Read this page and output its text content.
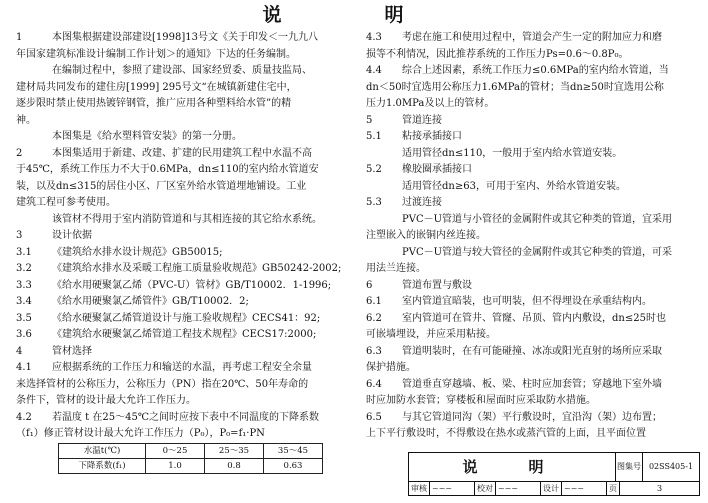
说　明
1	本图集根据建设部建设[1998]13号文《关于印发＜一九九八
年国家建筑标准设计编制工作计划＞的通知》下达的任务编制。
在编制过程中，参照了建设部、国家经贸委、质量技监局、
建材局共同发布的建住房[1999] 295号文“在城镇新建住宅中，
逐步限时禁止使用热镀锌钢管，推广应用各种塑料给水管”的精
神。
本图集是《给水塑料管安装》的第一分册。
2	本图集适用于新建、改建、扩建的民用建筑工程中水温不高
于45℃，系统工作压力不大于0.6MPa，dn≤110的室内给水管道安
装，以及dn≤315的居住小区、厂区室外给水管道埋地铺设。工业
建筑工程可参考使用。
该管材不得用于室内消防管道和与其相连接的其它给水系统。
3	设计依据
3.1	《建筑给水排水设计规范》GB50015;
3.2	《建筑给水排水及采暖工程施工质量验收规范》GB50242-2002;
3.3	《给水用硬聚氯乙烯（PVC-U）管材》GB/T10002．1-1996;
3.4	《给水用硬聚氯乙烯管件》GB/T10002．2;
3.5	《给水硬聚氯乙烯管道设计与施工验收规程》CECS41：92;
3.6	《建筑给水硬聚氯乙烯管道工程技术规程》CECS17:2000;
4	管材选择
4.1	应根据系统的工作压力和输送的水温，再考虑工程安全余量
来选择管材的公称压力，公称压力（PN）指在20℃、50年寿命的
条件下，管材的设计最大允许工作压力。
4.2	若温度 t 在25～45℃之间时应按下表中不同温度的下降系数
（f₁）修正管材设计最大允许工作压力（P₀），P₀=f₁·PN
水温t(℃)	0～25	25～35	35～45
下降系数(f₁)	1.0	0.8	0.63
4.3	考虑在施工和使用过程中，管道会产生一定的附加应力和磨
损等不利情况，因此推荐系统的工作压力Ps=0.6～0.8P₀。
4.4	综合上述因素，系统工作压力≤0.6MPa的室内给水管道，当
dn＜50时宜选用公称压力1.6MPa的管材；当dn≥50时宜选用公称
压力1.0MPa及以上的管材。
5	管道连接
5.1	粘接承插接口
适用管径dn≤110，一般用于室内给水管道安装。
5.2	橡胶圈承插接口
适用管径dn≥63，可用于室内、外给水管道安装。
5.3	过渡连接
PVC－U管道与小管径的金属附件或其它种类的管道，宜采用
注塑嵌入的嵌铜内丝连接。
PVC－U管道与较大管径的金属附件或其它种类的管道，可采
用法兰连接。
6	管道布置与敷设
6.1	室内管道宜暗装，也可明装，但不得埋设在承重结构内。
6.2	室内管道可在管井、管窿、吊顶、管内内敷设，dn≤25时也
可嵌墙埋设，并应采用粘接。
6.3	管道明装时，在有可能碰撞、冰冻或阳光直射的场所应采取
保护措施。
6.4	管道垂直穿越墙、板、梁、柱时应加套管；穿越地下室外墙
时应加防水套管；穿楼板和屋面时应采取防水措施。
6.5	与其它管道同沟（架）平行敷设时，宜沿沟（架）边布置；
上下平行敷设时，不得敷设在热水或蒸汽管的上面，且平面位置
说　明	图集号 02SS405-1
审核 ~~~	校对 ~~~	设计 ~~~	页	3
